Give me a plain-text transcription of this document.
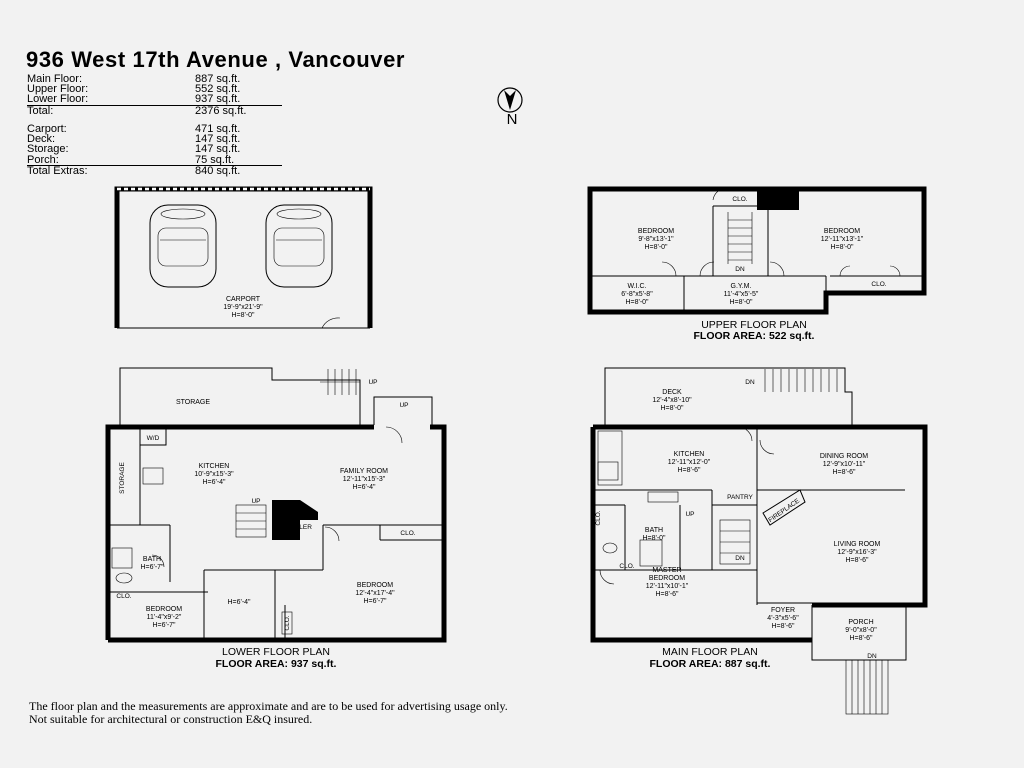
936 West 17th Avenue , Vancouver
Main Floor:	887 sq.ft.
Upper Floor:	552 sq.ft.
Lower Floor:	937 sq.ft.
Total:	2376 sq.ft.
Carport:	471 sq.ft.
Deck:	147 sq.ft.
Storage:	147 sq.ft.
Porch:	75 sq.ft.
Total Extras:	840 sq.ft.
N
CARPORT
19'-9"x21'-9"
H=8'-0"
BEDROOM
9'-8"x13'-1"
H=8'-0"
BEDROOM
12'-11"x13'-1"
H=8'-0"
W.I.C.
6'-8"x5'-8"
H=8'-0"
G.Y.M.
11'-4"x5'-5"
H=8'-0"
CLO.
CLO.
DN
UPPER FLOOR PLAN
FLOOR AREA: 522 sq.ft.
STORAGE
STORAGE
W/D
UP
UP
UP
KITCHEN
10'-9"x15'-3"
H=6'-4"
FAMILY ROOM
12'-11"x15'-3"
H=6'-4"
BOILER
BATH
H=6'-7"
BEDROOM
11'-4"x9'-2"
H=6'-7"
BEDROOM
12'-4"x17'-4"
H=6'-7"
H=6'-4"
CLO.
CLO.
CLO.
LOWER FLOOR PLAN
FLOOR AREA: 937 sq.ft.
DECK
12'-4"x8'-10"
H=8'-0"
DN
KITCHEN
12'-11"x12'-0"
H=8'-6"
DINING ROOM
12'-9"x10'-11"
H=8'-6"
LIVING ROOM
12'-9"x16'-3"
H=8'-6"
PANTRY
FIREPLACE
UP
DN
BATH
H=8'-0"
MASTER
BEDROOM
12'-11"x10'-1"
H=8'-6"
FOYER
4'-3"x5'-6"
H=8'-6"
PORCH
9'-0"x8'-0"
H=8'-6"
DN
CLO.
CLO.
MAIN FLOOR PLAN
FLOOR AREA: 887 sq.ft.
The floor plan and the measurements are approximate and are to be used for advertising usage only.
Not suitable for architectural or construction E&Q insured.
